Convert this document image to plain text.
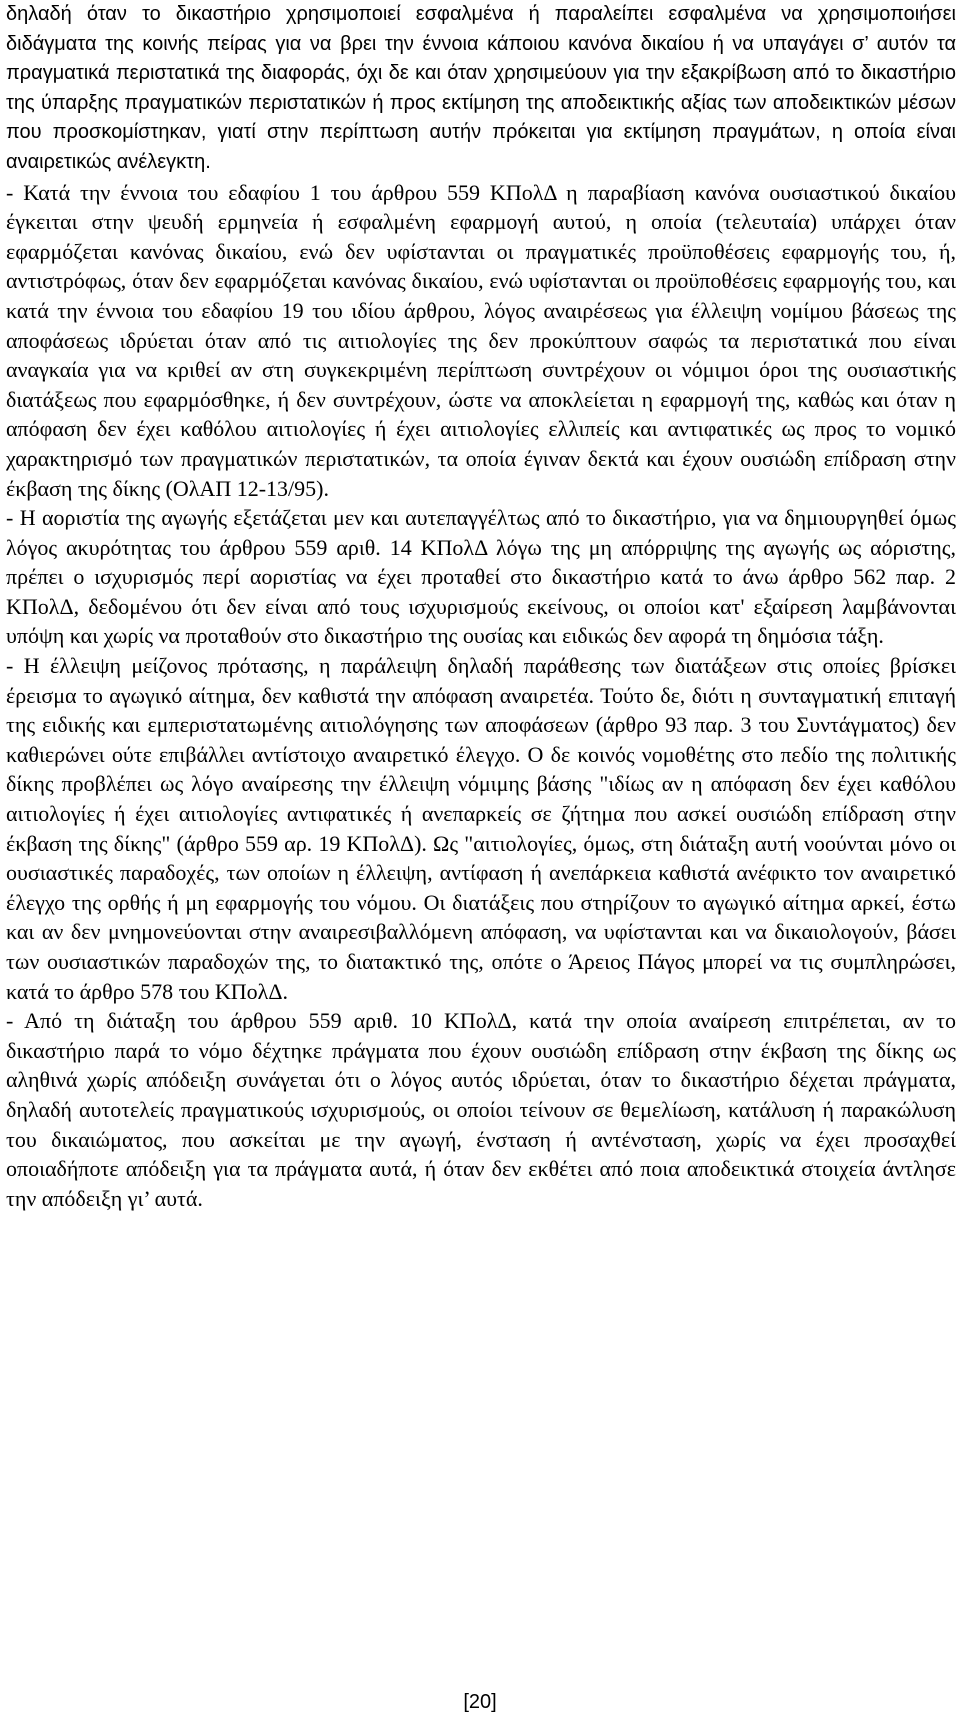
δηλαδή όταν το δικαστήριο χρησιμοποιεί εσφαλμένα ή παραλείπει εσφαλμένα να χρησιμοποιήσει διδάγματα της κοινής πείρας για να βρει την έννοια κάποιου κανόνα δικαίου ή να υπαγάγει σ’ αυτόν τα πραγματικά περιστατικά της διαφοράς, όχι δε και όταν χρησιμεύουν για την εξακρίβωση από το δικαστήριο της ύπαρξης πραγματικών περιστατικών ή προς εκτίμηση της αποδεικτικής αξίας των αποδεικτικών μέσων που προσκομίστηκαν, γιατί στην περίπτωση αυτήν πρόκειται για εκτίμηση πραγμάτων, η οποία είναι αναιρετικώς ανέλεγκτη.

- Κατά την έννοια του εδαφίου 1 του άρθρου 559 ΚΠολΔ η παραβίαση κανόνα ουσιαστικού δικαίου έγκειται στην ψευδή ερμηνεία ή εσφαλμένη εφαρμογή αυτού, η οποία (τελευταία) υπάρχει όταν εφαρμόζεται κανόνας δικαίου, ενώ δεν υφίστανται οι πραγματικές προϋποθέσεις εφαρμογής του, ή, αντιστρόφως, όταν δεν εφαρμόζεται κανόνας δικαίου, ενώ υφίστανται οι προϋποθέσεις εφαρμογής του, και κατά την έννοια του εδαφίου 19 του ιδίου άρθρου, λόγος αναιρέσεως για έλλειψη νομίμου βάσεως της αποφάσεως ιδρύεται όταν από τις αιτιολογίες της δεν προκύπτουν σαφώς τα περιστατικά που είναι αναγκαία για να κριθεί αν στη συγκεκριμένη περίπτωση συντρέχουν οι νόμιμοι όροι της ουσιαστικής διατάξεως που εφαρμόσθηκε, ή δεν συντρέχουν, ώστε να αποκλείεται η εφαρμογή της, καθώς και όταν η απόφαση δεν έχει καθόλου αιτιολογίες ή έχει αιτιολογίες ελλιπείς και αντιφατικές ως προς το νομικό χαρακτηρισμό των πραγματικών περιστατικών, τα οποία έγιναν δεκτά και έχουν ουσιώδη επίδραση στην έκβαση της δίκης (ΟλΑΠ 12-13/95).

- Η αοριστία της αγωγής εξετάζεται μεν και αυτεπαγγέλτως από το δικαστήριο, για να δημιουργηθεί όμως λόγος ακυρότητας του άρθρου 559 αριθ. 14 ΚΠολΔ λόγω της μη απόρριψης της αγωγής ως αόριστης, πρέπει ο ισχυρισμός περί αοριστίας να έχει προταθεί στο δικαστήριο κατά το άνω άρθρο 562 παρ. 2 ΚΠολΔ, δεδομένου ότι δεν είναι από τους ισχυρισμούς εκείνους, οι οποίοι κατ' εξαίρεση λαμβάνονται υπόψη και χωρίς να προταθούν στο δικαστήριο της ουσίας και ειδικώς δεν αφορά τη δημόσια τάξη.

- Η έλλειψη μείζονος πρότασης, η παράλειψη δηλαδή παράθεσης των διατάξεων στις οποίες βρίσκει έρεισμα το αγωγικό αίτημα, δεν καθιστά την απόφαση αναιρετέα. Τούτο δε, διότι η συνταγματική επιταγή της ειδικής και εμπεριστατωμένης αιτιολόγησης των αποφάσεων (άρθρο 93 παρ. 3 του Συντάγματος) δεν καθιερώνει ούτε επιβάλλει αντίστοιχο αναιρετικό έλεγχο. Ο δε κοινός νομοθέτης στο πεδίο της πολιτικής δίκης προβλέπει ως λόγο αναίρεσης την έλλειψη νόμιμης βάσης "ιδίως αν η απόφαση δεν έχει καθόλου αιτιολογίες ή έχει αιτιολογίες αντιφατικές ή ανεπαρκείς σε ζήτημα που ασκεί ουσιώδη επίδραση στην έκβαση της δίκης" (άρθρο 559 αρ. 19 ΚΠολΔ). Ως "αιτιολογίες, όμως, στη διάταξη αυτή νοούνται μόνο οι ουσιαστικές παραδοχές, των οποίων η έλλειψη, αντίφαση ή ανεπάρκεια καθιστά ανέφικτο τον αναιρετικό έλεγχο της ορθής ή μη εφαρμογής του νόμου. Οι διατάξεις που στηρίζουν το αγωγικό αίτημα αρκεί, έστω και αν δεν μνημονεύονται στην αναιρεσιβαλλόμενη απόφαση, να υφίστανται και να δικαιολογούν, βάσει των ουσιαστικών παραδοχών της, το διατακτικό της, οπότε ο Άρειος Πάγος μπορεί να τις συμπληρώσει, κατά το άρθρο 578 του ΚΠολΔ.

- Από τη διάταξη του άρθρου 559 αριθ. 10 ΚΠολΔ, κατά την οποία αναίρεση επιτρέπεται, αν το δικαστήριο παρά το νόμο δέχτηκε πράγματα που έχουν ουσιώδη επίδραση στην έκβαση της δίκης ως αληθινά χωρίς απόδειξη συνάγεται ότι ο λόγος αυτός ιδρύεται, όταν το δικαστήριο δέχεται πράγματα, δηλαδή αυτοτελείς πραγματικούς ισχυρισμούς, οι οποίοι τείνουν σε θεμελίωση, κατάλυση ή παρακώλυση του δικαιώματος, που ασκείται με την αγωγή, ένσταση ή αντένσταση, χωρίς να έχει προσαχθεί οποιαδήποτε απόδειξη για τα πράγματα αυτά, ή όταν δεν εκθέτει από ποια αποδεικτικά στοιχεία άντλησε την απόδειξη γι’ αυτά.

[20]
